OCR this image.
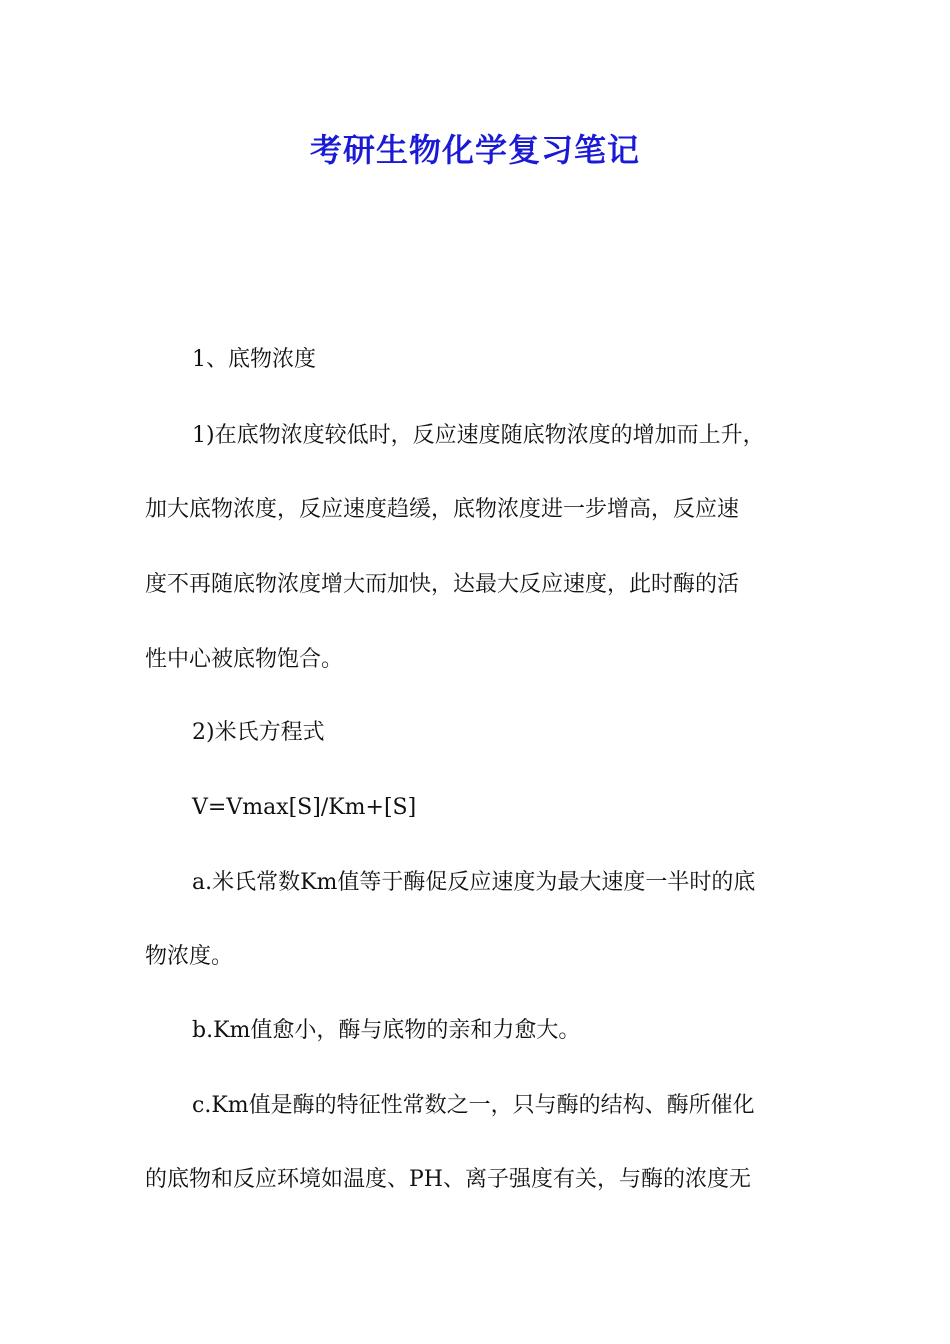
考研生物化学复习笔记
1、底物浓度
1)在底物浓度较低时，反应速度随底物浓度的增加而上升，
加大底物浓度，反应速度趋缓，底物浓度进一步增高，反应速
度不再随底物浓度增大而加快，达最大反应速度，此时酶的活
性中心被底物饱合。
2)米氏方程式
V=Vmax[S]/Km+[S]
a.米氏常数Km值等于酶促反应速度为最大速度一半时的底
物浓度。
b.Km值愈小，酶与底物的亲和力愈大。
c.Km值是酶的特征性常数之一，只与酶的结构、酶所催化
的底物和反应环境如温度、PH、离子强度有关，与酶的浓度无
